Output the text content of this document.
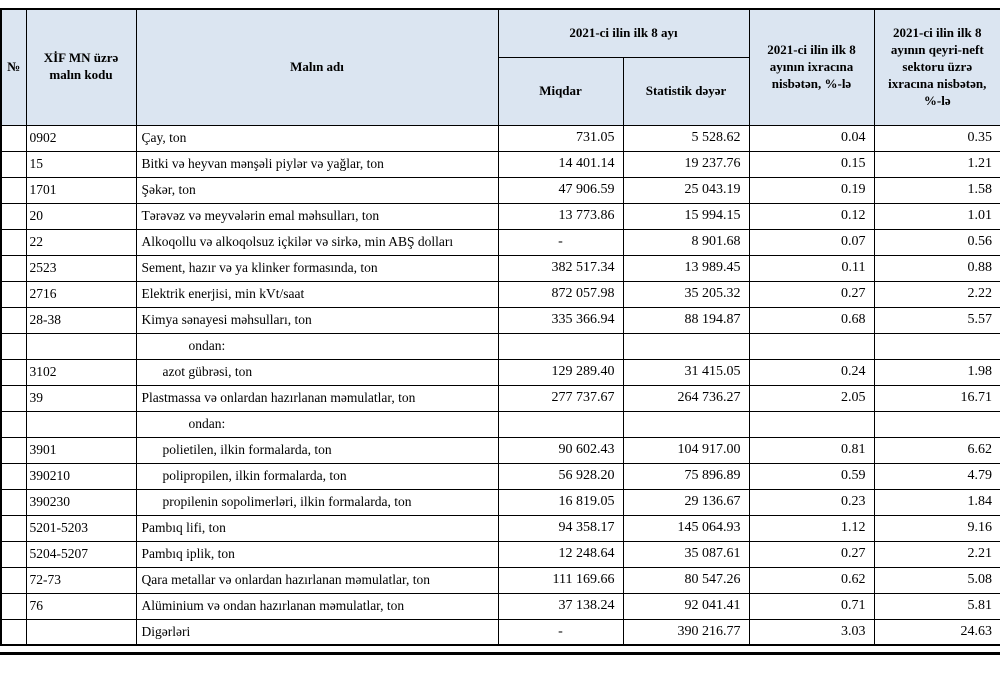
№	XİF MN üzrə malın kodu	Malın adı	2021-ci ilin ilk 8 ayı		2021-ci ilin ilk 8 ayının ixracına nisbətən, %-lə	2021-ci ilin ilk 8 ayının qeyri-neft sektoru üzrə ixracına nisbətən, %-lə
			Miqdar	Statistik dəyər		
	0902	Çay, ton	731.05	5 528.62	0.04	0.35
	15	Bitki və heyvan mənşəli piylər və yağlar, ton	14 401.14	19 237.76	0.15	1.21
	1701	Şəkər, ton	47 906.59	25 043.19	0.19	1.58
	20	Tərəvəz və meyvələrin emal məhsulları, ton	13 773.86	15 994.15	0.12	1.01
	22	Alkoqollu və alkoqolsuz içkilər və sirkə, min ABŞ dolları	-	8 901.68	0.07	0.56
	2523	Sement, hazır və ya klinker formasında, ton	382 517.34	13 989.45	0.11	0.88
	2716	Elektrik enerjisi, min kVt/saat	872 057.98	35 205.32	0.27	2.22
	28-38	Kimya sənayesi məhsulları, ton	335 366.94	88 194.87	0.68	5.57
		ondan:				
	3102	azot gübrəsi, ton	129 289.40	31 415.05	0.24	1.98
	39	Plastmassa və onlardan hazırlanan məmulatlar, ton	277 737.67	264 736.27	2.05	16.71
		ondan:				
	3901	polietilen, ilkin formalarda, ton	90 602.43	104 917.00	0.81	6.62
	390210	polipropilen, ilkin formalarda, ton	56 928.20	75 896.89	0.59	4.79
	390230	propilenin sopolimerləri, ilkin formalarda, ton	16 819.05	29 136.67	0.23	1.84
	5201-5203	Pambıq lifi, ton	94 358.17	145 064.93	1.12	9.16
	5204-5207	Pambıq iplik, ton	12 248.64	35 087.61	0.27	2.21
	72-73	Qara metallar və onlardan hazırlanan məmulatlar, ton	111 169.66	80 547.26	0.62	5.08
	76	Alüminium və ondan hazırlanan məmulatlar, ton	37 138.24	92 041.41	0.71	5.81
		Digərləri	-	390 216.77	3.03	24.63
